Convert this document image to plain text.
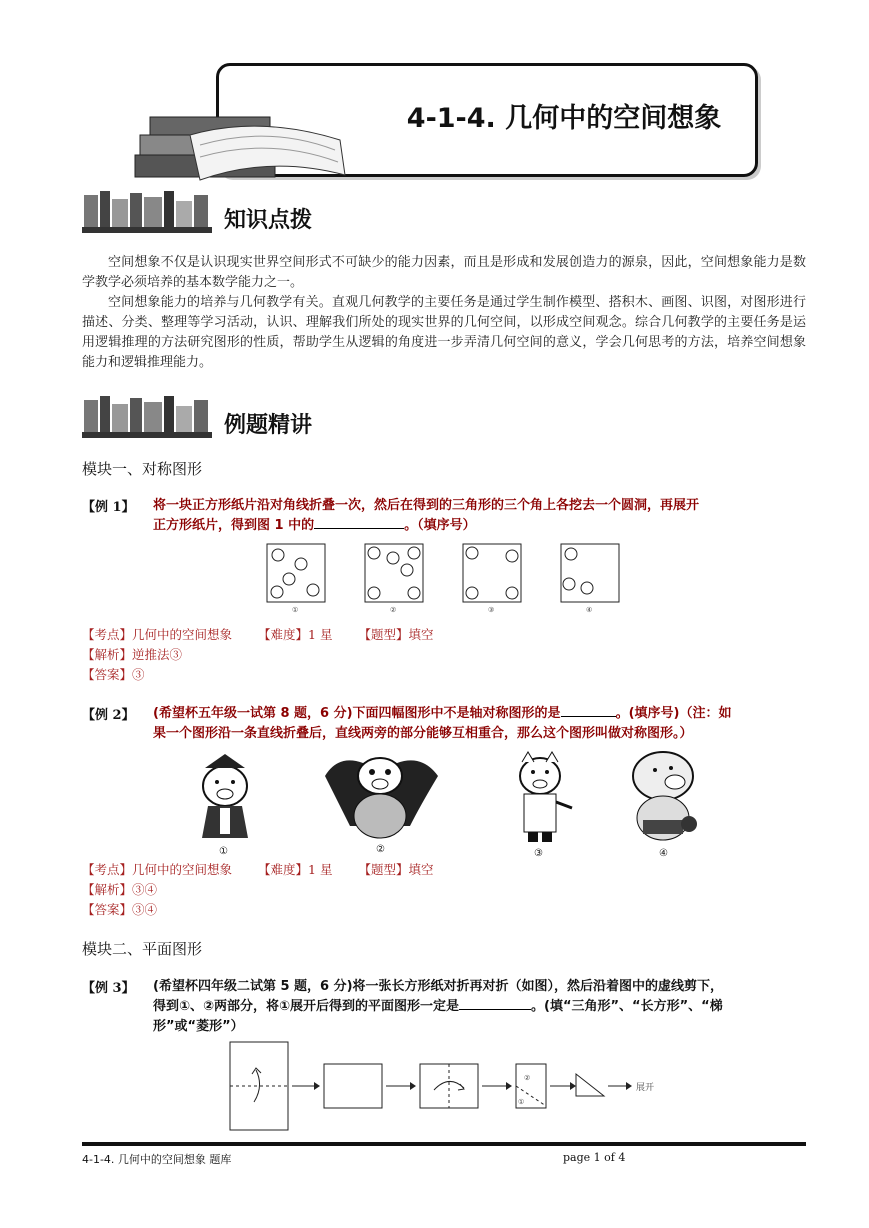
4-1-4. 几何中的空间想象
知识点拨
空间想象不仅是认识现实世界空间形式不可缺少的能力因素，而且是形成和发展创造力的源泉，因此，空间想象能力是数学教学必须培养的基本数学能力之一。
空间想象能力的培养与几何教学有关。直观几何教学的主要任务是通过学生制作模型、搭积木、画图、识图，对图形进行描述、分类、整理等学习活动，认识、理解我们所处的现实世界的几何空间，以形成空间观念。综合几何教学的主要任务是运用逻辑推理的方法研究图形的性质，帮助学生从逻辑的角度进一步弄清几何空间的意义，学会几何思考的方法，培养空间想象能力和逻辑推理能力。
例题精讲
模块一、对称图形
【例 1】 将一块正方形纸片沿对角线折叠一次，然后在得到的三角形的三个角上各挖去一个圆洞，再展开
正方形纸片，得到图 1 中的	。（填序号）
①	②	③	④
【考点】几何中的空间想象 【难度】1 星 【题型】填空
【解析】逆推法③
【答案】③
【例 2】 (希望杯五年级一试第 8 题，6 分)下面四幅图形中不是轴对称图形的是	。(填序号)（注：如
果一个图形沿一条直线折叠后，直线两旁的部分能够互相重合，那么这个图形叫做对称图形。）
①	②	③	④
【考点】几何中的空间想象 【难度】1 星 【题型】填空
【解析】③④
【答案】③④
模块二、平面图形
【例 3】 (希望杯四年级二试第 5 题，6 分)将一张长方形纸对折再对折（如图），然后沿着图中的虚线剪下，
得到①、②两部分，将①展开后得到的平面图形一定是	。(填“三角形”、“长方形”、“梯
形”或“菱形”）
②
①
展开
4-1-4. 几何中的空间想象 题库	page 1 of 4
